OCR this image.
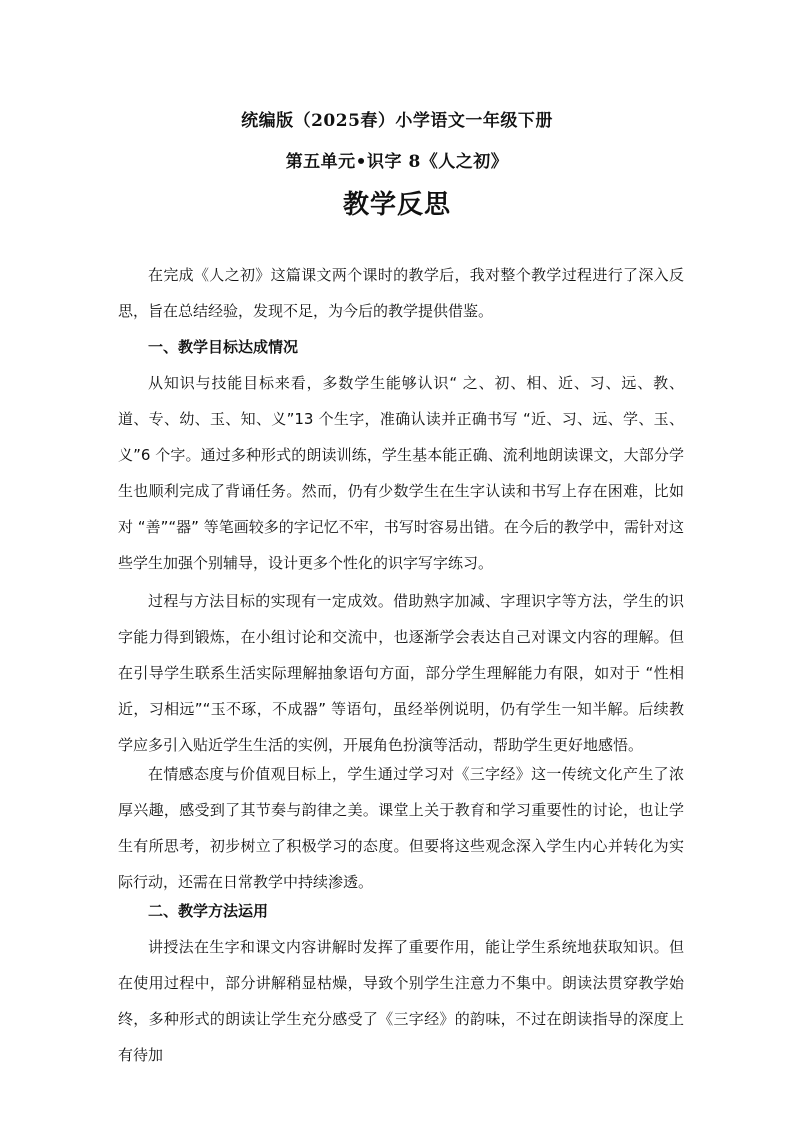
统编版（2025春）小学语文一年级下册
第五单元•识字 8《人之初》
教学反思

在完成《人之初》这篇课文两个课时的教学后，我对整个教学过程进行了深入反思，旨在总结经验，发现不足，为今后的教学提供借鉴。

一、教学目标达成情况

从知识与技能目标来看，多数学生能够认识“ 之、初、相、近、习、远、教、道、专、幼、玉、知、义”13 个生字，准确认读并正确书写 “近、习、远、学、玉、义”6 个字。通过多种形式的朗读训练，学生基本能正确、流利地朗读课文，大部分学生也顺利完成了背诵任务。然而，仍有少数学生在生字认读和书写上存在困难，比如对 “善”“器” 等笔画较多的字记忆不牢，书写时容易出错。在今后的教学中，需针对这些学生加强个别辅导，设计更多个性化的识字写字练习。

过程与方法目标的实现有一定成效。借助熟字加减、字理识字等方法，学生的识字能力得到锻炼，在小组讨论和交流中，也逐渐学会表达自己对课文内容的理解。但在引导学生联系生活实际理解抽象语句方面，部分学生理解能力有限，如对于 “性相近，习相远”“玉不琢，不成器” 等语句，虽经举例说明，仍有学生一知半解。后续教学应多引入贴近学生生活的实例，开展角色扮演等活动，帮助学生更好地感悟。

在情感态度与价值观目标上，学生通过学习对《三字经》这一传统文化产生了浓厚兴趣，感受到了其节奏与韵律之美。课堂上关于教育和学习重要性的讨论，也让学生有所思考，初步树立了积极学习的态度。但要将这些观念深入学生内心并转化为实际行动，还需在日常教学中持续渗透。

二、教学方法运用

讲授法在生字和课文内容讲解时发挥了重要作用，能让学生系统地获取知识。但在使用过程中，部分讲解稍显枯燥，导致个别学生注意力不集中。朗读法贯穿教学始终，多种形式的朗读让学生充分感受了《三字经》的韵味，不过在朗读指导的深度上有待加
